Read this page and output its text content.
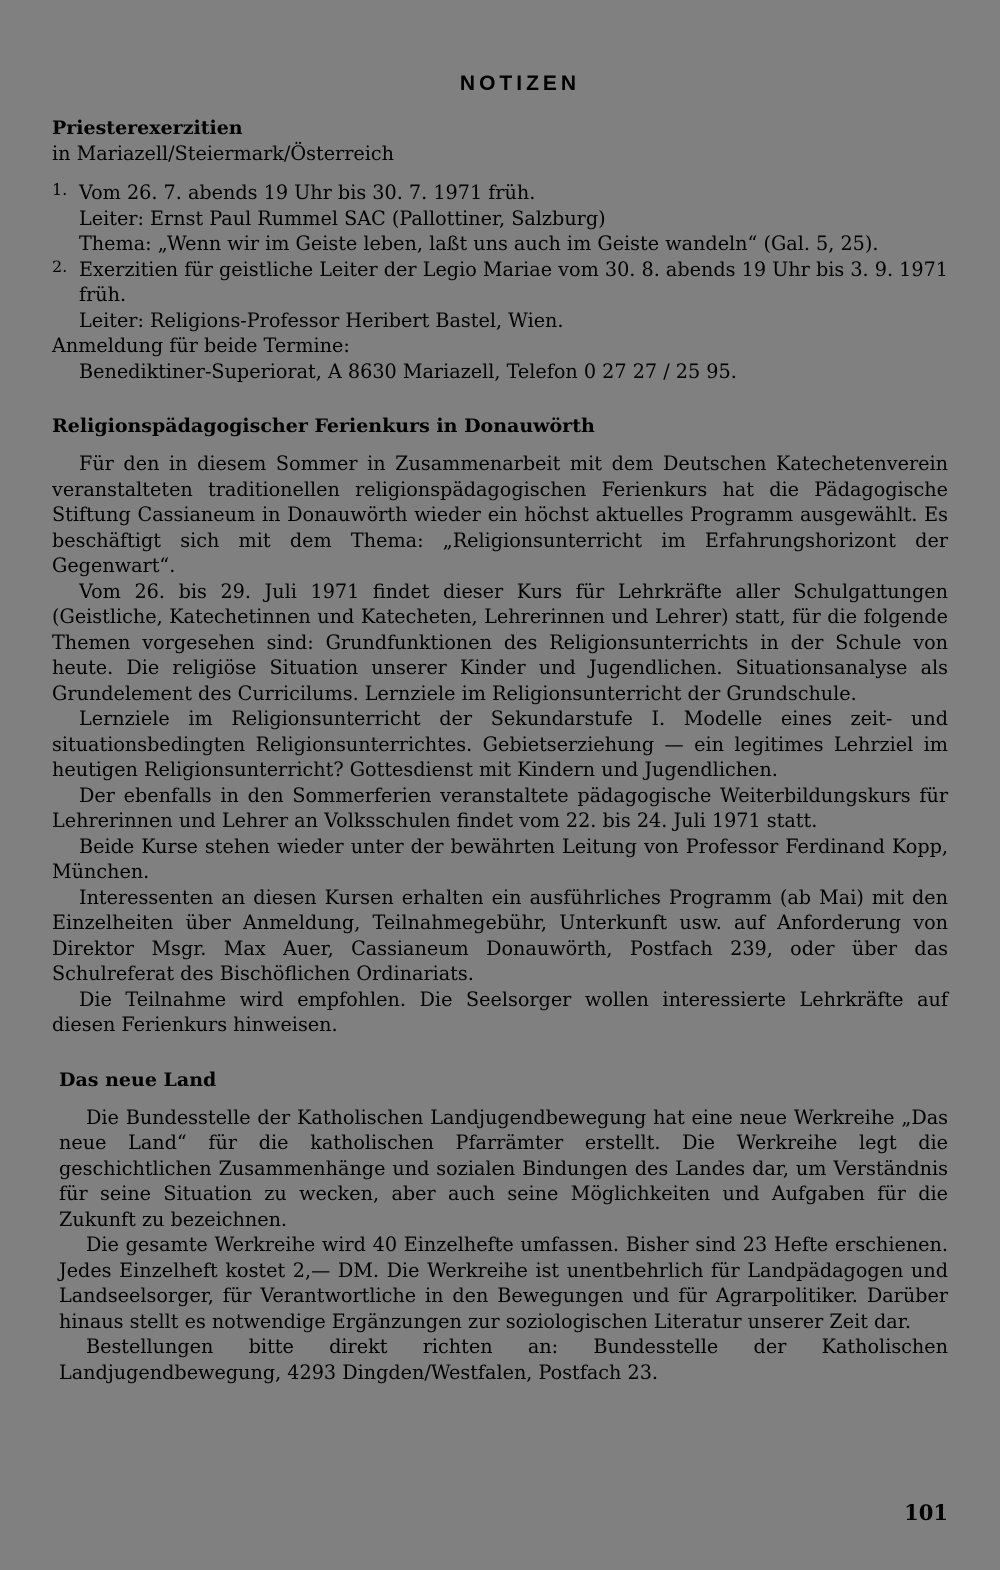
NOTIZEN
Priesterexerzitien
in Mariazell/Steiermark/Österreich
1. Vom 26. 7. abends 19 Uhr bis 30. 7. 1971 früh.
Leiter: Ernst Paul Rummel SAC (Pallottiner, Salzburg)
Thema: „Wenn wir im Geiste leben, laßt uns auch im Geiste wandeln“ (Gal. 5, 25).
2. Exerzitien für geistliche Leiter der Legio Mariae vom 30. 8. abends 19 Uhr bis 3. 9. 1971 früh.

Leiter: Religions-Professor Heribert Bastel, Wien.
Anmeldung für beide Termine:
Benediktiner-Superiorat, A 8630 Mariazell, Telefon 0 27 27 / 25 95.
Religionspädagogischer Ferienkurs in Donauwörth

Für den in diesem Sommer in Zusammenarbeit mit dem Deutschen Katechetenverein veranstalteten traditionellen religionspädagogischen Ferienkurs hat die Pädagogische Stiftung Cassianeum in Donauwörth wieder ein höchst aktuelles Programm ausgewählt. Es beschäftigt sich mit dem Thema: „Religionsunterricht im Erfahrungshorizont der Gegenwart“.

Vom 26. bis 29. Juli 1971 findet dieser Kurs für Lehrkräfte aller Schulgattungen (Geistliche, Katechetinnen und Katecheten, Lehrerinnen und Lehrer) statt, für die folgende Themen vorgesehen sind: Grundfunktionen des Religionsunterrichts in der Schule von heute. Die religiöse Situation unserer Kinder und Jugendlichen. Situationsanalyse als Grundelement des Curricilums. Lernziele im Religionsunterricht der Grundschule.

Lernziele im Religionsunterricht der Sekundarstufe I. Modelle eines zeit- und situationsbedingten Religionsunterrichtes. Gebietserziehung — ein legitimes Lehrziel im heutigen Religionsunterricht? Gottesdienst mit Kindern und Jugendlichen.

Der ebenfalls in den Sommerferien veranstaltete pädagogische Weiterbildungskurs für Lehrerinnen und Lehrer an Volksschulen findet vom 22. bis 24. Juli 1971 statt.

Beide Kurse stehen wieder unter der bewährten Leitung von Professor Ferdinand Kopp, München.

Interessenten an diesen Kursen erhalten ein ausführliches Programm (ab Mai) mit den Einzelheiten über Anmeldung, Teilnahmegebühr, Unterkunft usw. auf Anforderung von Direktor Msgr. Max Auer, Cassianeum Donauwörth, Postfach 239, oder über das Schulreferat des Bischöflichen Ordinariats.

Die Teilnahme wird empfohlen. Die Seelsorger wollen interessierte Lehrkräfte auf diesen Ferienkurs hinweisen.

Das neue Land

Die Bundesstelle der Katholischen Landjugendbewegung hat eine neue Werkreihe „Das neue Land“ für die katholischen Pfarrämter erstellt. Die Werkreihe legt die geschichtlichen Zusammenhänge und sozialen Bindungen des Landes dar, um Verständnis für seine Situation zu wecken, aber auch seine Möglichkeiten und Aufgaben für die Zukunft zu bezeichnen.

Die gesamte Werkreihe wird 40 Einzelhefte umfassen. Bisher sind 23 Hefte erschienen. Jedes Einzelheft kostet 2,— DM. Die Werkreihe ist unentbehrlich für Landpädagogen und Landseelsorger, für Verantwortliche in den Bewegungen und für Agrarpolitiker. Darüber hinaus stellt es notwendige Ergänzungen zur soziologischen Literatur unserer Zeit dar.

Bestellungen bitte direkt richten an: Bundesstelle der Katholischen Landjugendbewegung, 4293 Dingden/Westfalen, Postfach 23.

101
